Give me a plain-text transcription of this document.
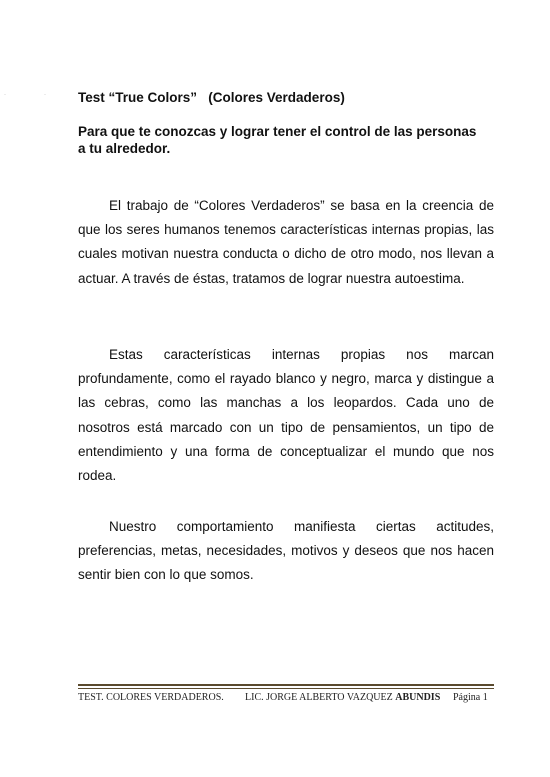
·	· Test “True Colors”   (Colores Verdaderos)
Para que te conozcas y lograr tener el control de las personas a tu alrededor.

El trabajo de “Colores Verdaderos” se basa en la creencia de que los seres humanos tenemos características internas propias, las cuales motivan nuestra conducta o dicho de otro modo, nos llevan a actuar. A través de éstas, tratamos de lograr nuestra autoestima.

Estas características internas propias nos marcan profundamente, como el rayado blanco y negro, marca y distingue a las cebras, como las manchas a los leopardos. Cada uno de nosotros está marcado con un tipo de pensamientos, un tipo de entendimiento y una forma de conceptualizar el mundo que nos rodea.

Nuestro comportamiento manifiesta ciertas actitudes, preferencias, metas, necesidades, motivos y deseos que nos hacen sentir bien con lo que somos.

TEST. COLORES VERDADEROS. LIC. JORGE ALBERTO VAZQUEZ ABUNDIS Página 1
